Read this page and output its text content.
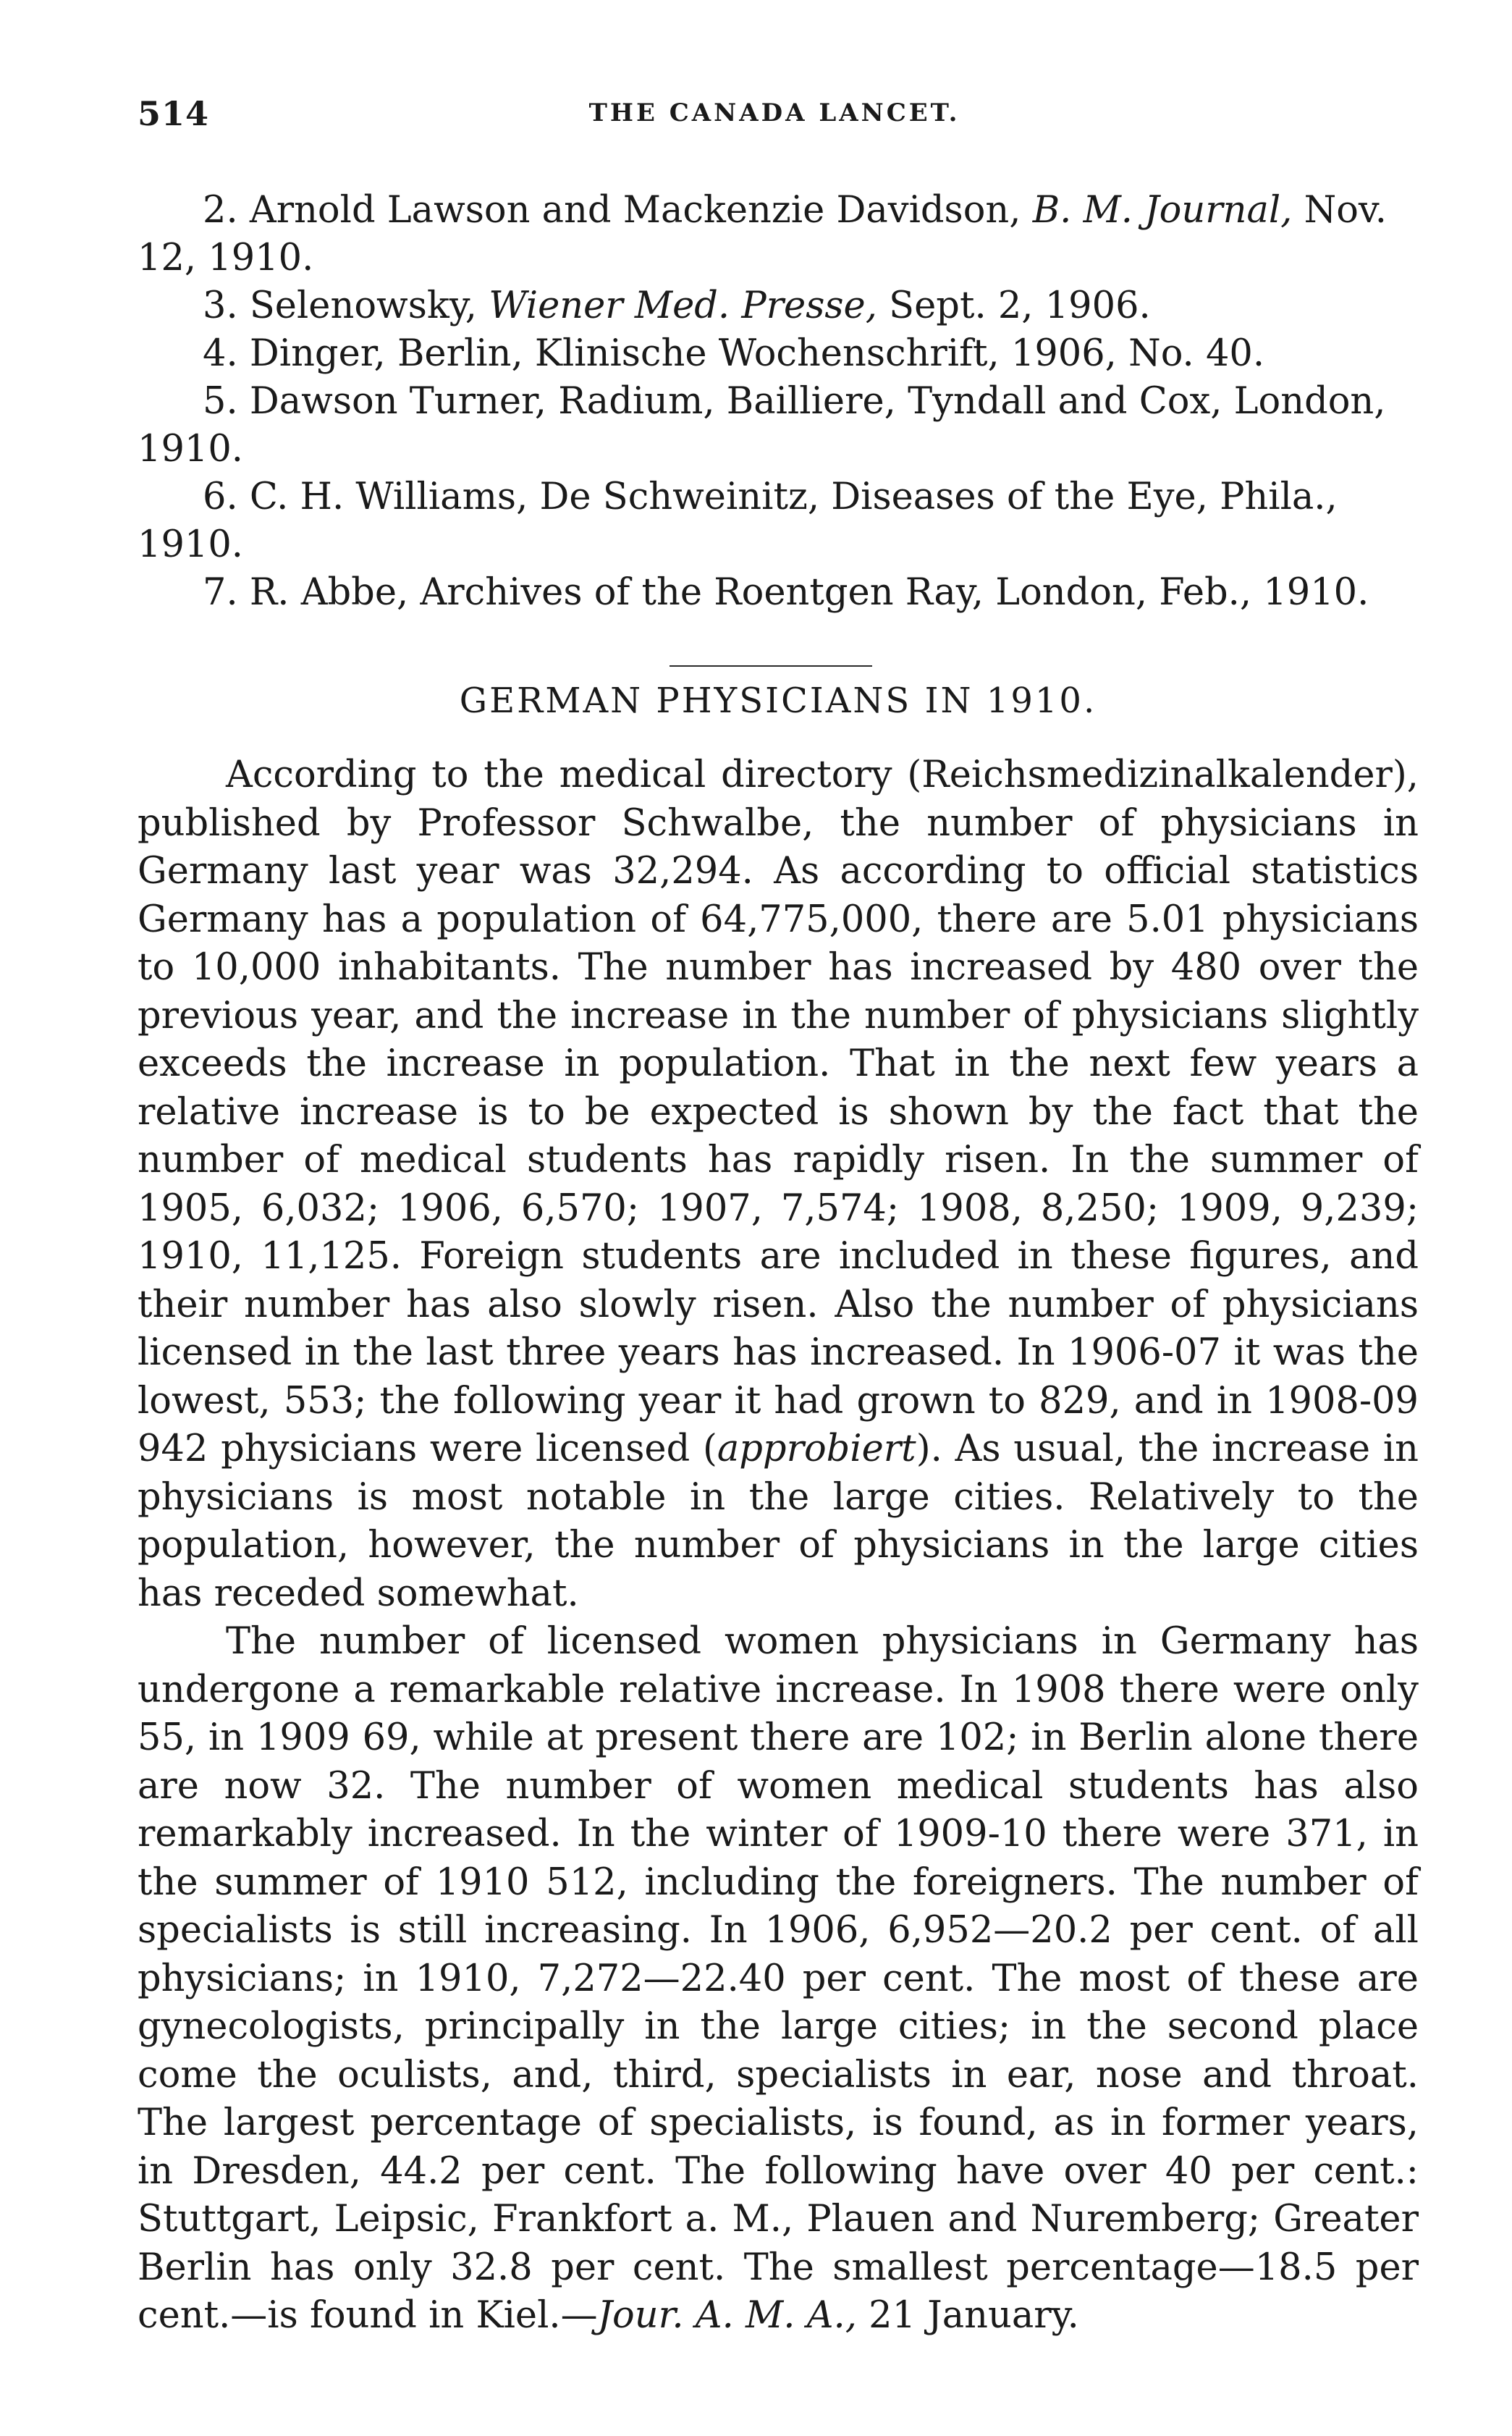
514	THE CANADA LANCET.

2. Arnold Lawson and Mackenzie Davidson, B. M. Journal, Nov. 12, 1910.

3. Selenowsky, Wiener Med. Presse, Sept. 2, 1906.

4. Dinger, Berlin, Klinische Wochenschrift, 1906, No. 40.

5. Dawson Turner, Radium, Bailliere, Tyndall and Cox, London, 1910.

6. C. H. Williams, De Schweinitz, Diseases of the Eye, Phila., 1910.

7. R. Abbe, Archives of the Roentgen Ray, London, Feb., 1910.

GERMAN PHYSICIANS IN 1910.

According to the medical directory (Reichsmedizinalkalender), published by Professor Schwalbe, the number of physicians in Germany last year was 32,294. As according to official statistics Germany has a population of 64,775,000, there are 5.01 physicians to 10,000 inhabitants. The number has increased by 480 over the previous year, and the increase in the number of physicians slightly exceeds the increase in population. That in the next few years a relative increase is to be expected is shown by the fact that the number of medical students has rapidly risen. In the summer of 1905, 6,032; 1906, 6,570; 1907, 7,574; 1908, 8,250; 1909, 9,239; 1910, 11,125. Foreign students are included in these figures, and their number has also slowly risen. Also the number of physicians licensed in the last three years has increased. In 1906-07 it was the lowest, 553; the following year it had grown to 829, and in 1908-09 942 physicians were licensed (approbiert). As usual, the increase in physicians is most notable in the large cities. Relatively to the population, however, the number of physicians in the large cities has receded somewhat.

The number of licensed women physicians in Germany has undergone a remarkable relative increase. In 1908 there were only 55, in 1909 69, while at present there are 102; in Berlin alone there are now 32. The number of women medical students has also remarkably increased. In the winter of 1909-10 there were 371, in the summer of 1910 512, including the foreigners. The number of specialists is still increasing. In 1906, 6,952—20.2 per cent. of all physicians; in 1910, 7,272—22.40 per cent. The most of these are gynecologists, principally in the large cities; in the second place come the oculists, and, third, specialists in ear, nose and throat. The largest percentage of specialists, is found, as in former years, in Dresden, 44.2 per cent. The following have over 40 per cent.: Stuttgart, Leipsic, Frankfort a. M., Plauen and Nuremberg; Greater Berlin has only 32.8 per cent. The smallest percentage—18.5 per cent.—is found in Kiel.—Jour. A. M. A., 21 January.
